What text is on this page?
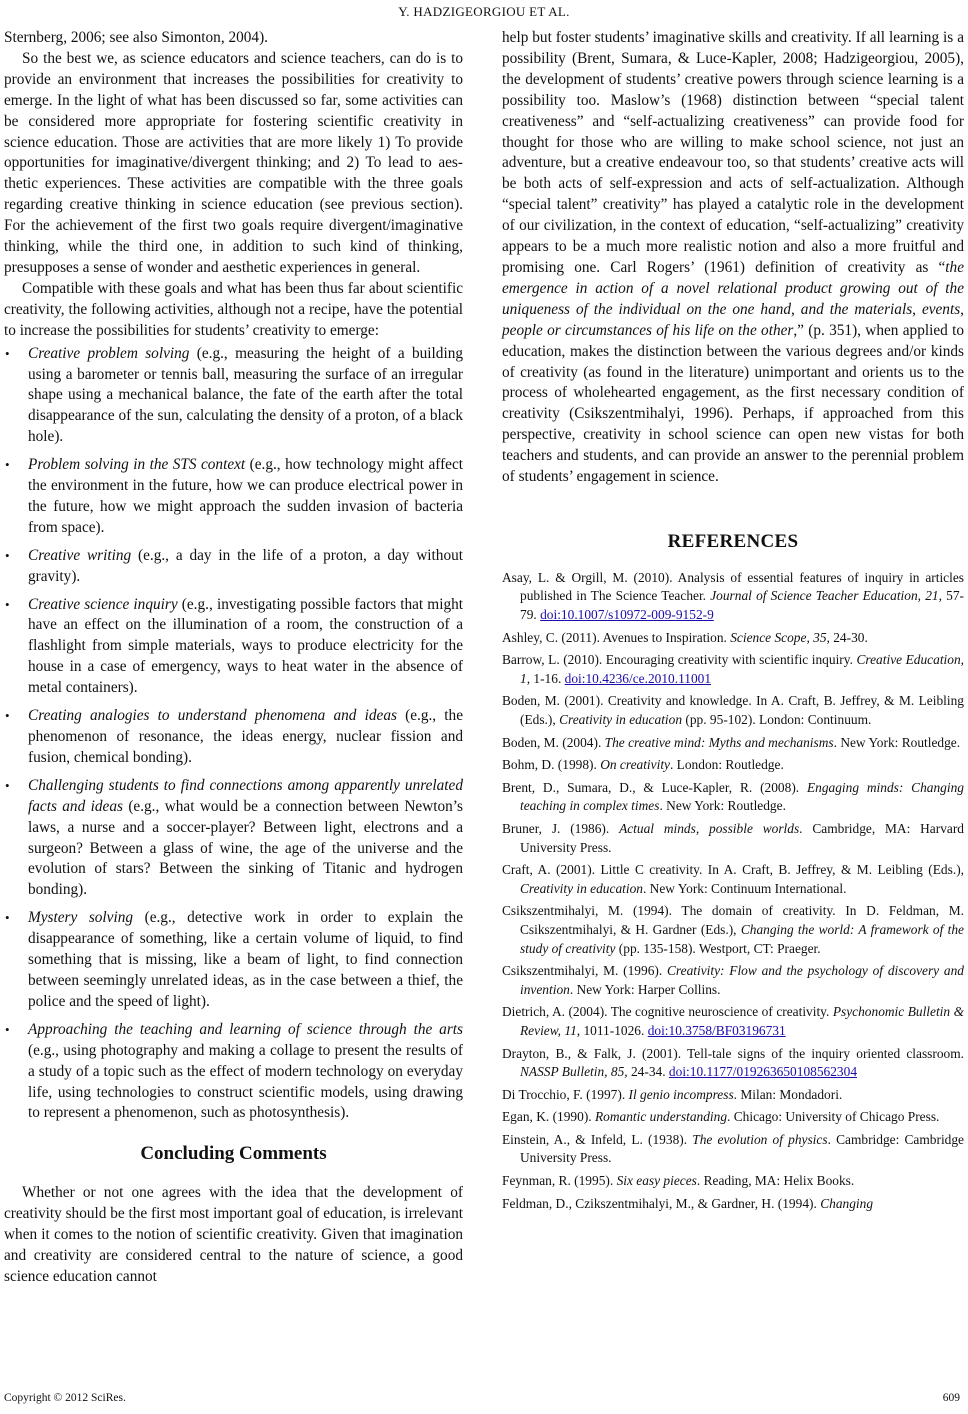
Y. HADZIGEORGIOU ET AL.

Sternberg, 2006; see also Simonton, 2004).

So the best we, as science educators and science teachers, can do is to provide an environment that increases the possibilities for creativity to emerge. In the light of what has been discussed so far, some activities can be considered more appropriate for fostering scientific creativity in science education. Those are activities that are more likely 1) To provide opportunities for imaginative/divergent thinking; and 2) To lead to aesthetic experiences. These activities are compatible with the three goals regarding creative thinking in science education (see previous section). For the achievement of the first two goals require divergent/imaginative thinking, while the third one, in addition to such kind of thinking, presupposes a sense of wonder and aesthetic experiences in general.

Compatible with these goals and what has been thus far about scientific creativity, the following activities, although not a recipe, have the potential to increase the possibilities for students’ creativity to emerge:

• Creative problem solving (e.g., measuring the height of a building using a barometer or tennis ball, measuring the surface of an irregular shape using a mechanical balance, the fate of the earth after the total disappearance of the sun, calculating the density of a proton, of a black hole).
• Problem solving in the STS context (e.g., how technology might affect the environment in the future, how we can produce electrical power in the future, how we might approach the sudden invasion of bacteria from space).
• Creative writing (e.g., a day in the life of a proton, a day without gravity).
• Creative science inquiry (e.g., investigating possible factors that might have an effect on the illumination of a room, the construction of a flashlight from simple materials, ways to produce electricity for the house in a case of emergency, ways to heat water in the absence of metal containers).
• Creating analogies to understand phenomena and ideas (e.g., the phenomenon of resonance, the ideas energy, nuclear fission and fusion, chemical bonding).
• Challenging students to find connections among apparently unrelated facts and ideas (e.g., what would be a connection between Newton’s laws, a nurse and a soccer-player? Between light, electrons and a surgeon? Between a glass of wine, the age of the universe and the evolution of stars? Between the sinking of Titanic and hydrogen bonding).
• Mystery solving (e.g., detective work in order to explain the disappearance of something, like a certain volume of liquid, to find something that is missing, like a beam of light, to find connection between seemingly unrelated ideas, as in the case between a thief, the police and the speed of light).
• Approaching the teaching and learning of science through the arts (e.g., using photography and making a collage to present the results of a study of a topic such as the effect of modern technology on everyday life, using technologies to construct scientific models, using drawing to represent a phenomenon, such as photosynthesis).
Concluding Comments

Whether or not one agrees with the idea that the development of creativity should be the first most important goal of education, is irrelevant when it comes to the notion of scientific creativity. Given that imagination and creativity are considered central to the nature of science, a good science education cannot

help but foster students’ imaginative skills and creativity. If all learning is a possibility (Brent, Sumara, & Luce-Kapler, 2008; Hadzigeorgiou, 2005), the development of students’ creative powers through science learning is a possibility too. Maslow’s (1968) distinction between “special talent creativeness” and “self-actualizing creativeness” can provide food for thought for those who are willing to make school science, not just an adventure, but a creative endeavour too, so that students’ creative acts will be both acts of self-expression and acts of self-actualization. Although “special talent” creativity” has played a catalytic role in the development of our civilization, in the context of education, “self-actualizing” creativity appears to be a much more realistic notion and also a more fruitful and promising one. Carl Rogers’ (1961) definition of creativity as “the emergence in action of a novel relational product growing out of the uniqueness of the individual on the one hand, and the materials, events, people or circumstances of his life on the other,” (p. 351), when applied to education, makes the distinction between the various degrees and/or kinds of creativity (as found in the literature) unimportant and orients us to the process of wholehearted engagement, as the first necessary condition of creativity (Csikszentmihalyi, 1996). Perhaps, if approached from this perspective, creativity in school science can open new vistas for both teachers and students, and can provide an answer to the perennial problem of students’ engagement in science.

REFERENCES
Asay, L. & Orgill, M. (2010). Analysis of essential features of inquiry in articles published in The Science Teacher. Journal of Science Teacher Education, 21, 57-79. doi:10.1007/s10972-009-9152-9
Ashley, C. (2011). Avenues to Inspiration. Science Scope, 35, 24-30.
Barrow, L. (2010). Encouraging creativity with scientific inquiry. Creative Education, 1, 1-16. doi:10.4236/ce.2010.11001
Boden, M. (2001). Creativity and knowledge. In A. Craft, B. Jeffrey, & M. Leibling (Eds.), Creativity in education (pp. 95-102). London: Continuum.
Boden, M. (2004). The creative mind: Myths and mechanisms. New York: Routledge.
Bohm, D. (1998). On creativity. London: Routledge.
Brent, D., Sumara, D., & Luce-Kapler, R. (2008). Engaging minds: Changing teaching in complex times. New York: Routledge.
Bruner, J. (1986). Actual minds, possible worlds. Cambridge, MA: Harvard University Press.
Craft, A. (2001). Little C creativity. In A. Craft, B. Jeffrey, & M. Leibling (Eds.), Creativity in education. New York: Continuum International.
Csikszentmihalyi, M. (1994). The domain of creativity. In D. Feldman, M. Csikszentmihalyi, & H. Gardner (Eds.), Changing the world: A framework of the study of creativity (pp. 135-158). Westport, CT: Praeger.
Csikszentmihalyi, M. (1996). Creativity: Flow and the psychology of discovery and invention. New York: Harper Collins.
Dietrich, A. (2004). The cognitive neuroscience of creativity. Psychonomic Bulletin & Review, 11, 1011-1026. doi:10.3758/BF03196731
Drayton, B., & Falk, J. (2001). Tell-tale signs of the inquiry oriented classroom. NASSP Bulletin, 85, 24-34. doi:10.1177/019263650108562304
Di Trocchio, F. (1997). Il genio incompress. Milan: Mondadori.
Egan, K. (1990). Romantic understanding. Chicago: University of Chicago Press.
Einstein, A., & Infeld, L. (1938). The evolution of physics. Cambridge: Cambridge University Press.
Feynman, R. (1995). Six easy pieces. Reading, MA: Helix Books.
Feldman, D., Czikszentmihalyi, M., & Gardner, H. (1994). Changing
Copyright © 2012 SciRes.	609
